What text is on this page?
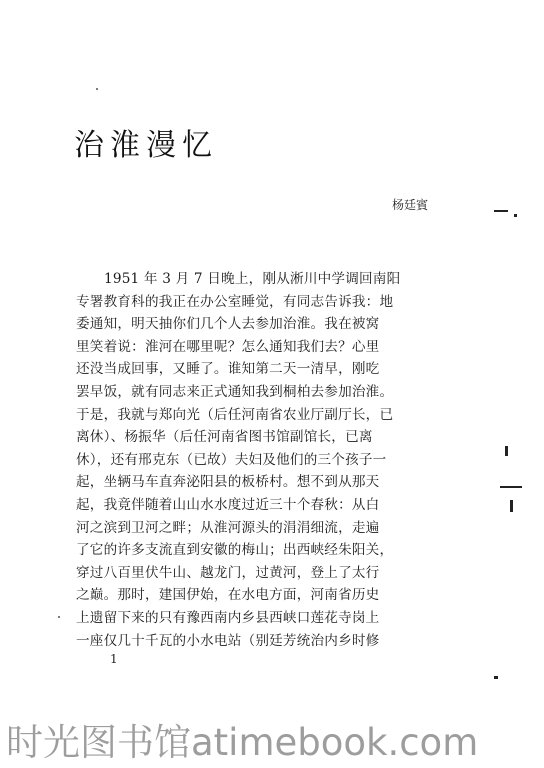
治淮漫忆
杨廷賓
1951 年 3 月 7 日晚上，刚从淅川中学调回南阳
专署教育科的我正在办公室睡觉，有同志告诉我：地
委通知，明天抽你们几个人去参加治淮。我在被窝
里笑着说：淮河在哪里呢？怎么通知我们去？心里
还没当成回事，又睡了。谁知第二天一清早，刚吃
罢早饭，就有同志来正式通知我到桐柏去参加治淮。
于是，我就与郑向光（后任河南省农业厅副厅长，已
离休）、杨振华（后任河南省图书馆副馆长，已离
休），还有邢克东（已故）夫妇及他们的三个孩子一
起，坐辆马车直奔泌阳县的板桥村。想不到从那天
起，我竟伴随着山山水水度过近三十个春秋：从白
河之滨到卫河之畔；从淮河源头的涓涓细流，走遍
了它的许多支流直到安徽的梅山；出西峡经朱阳关，
穿过八百里伏牛山、越龙门，过黄河，登上了太行
之巅。那时，建国伊始，在水电方面，河南省历史
上遗留下来的只有豫西南内乡县西峡口莲花寺岗上
一座仅几十千瓦的小水电站（别廷芳统治内乡时修
1
时光图书馆atimebook.com
